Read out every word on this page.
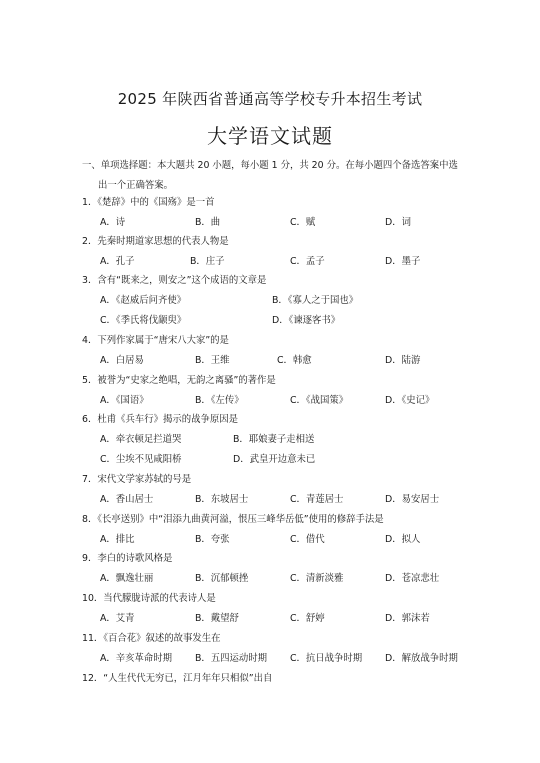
2025 年陕西省普通高等学校专升本招生考试
大学语文试题
一、单项选择题：本大题共 20 小题，每小题 1 分，共 20 分。在每小题四个备选答案中选
出一个正确答案。
1．《楚辞》中的《国殇》是一首
A．诗	B．曲	C．赋	D．词
2．先秦时期道家思想的代表人物是
A．孔子	B．庄子	C．孟子	D．墨子
3．含有“既来之，则安之”这个成语的文章是
A．《赵威后问齐使》	B．《寡人之于国也》
C．《季氏将伐颛臾》	D．《谏逐客书》
4．下列作家属于“唐宋八大家”的是
A．白居易	B．王维	C．韩愈	D．陆游
5．被誉为“史家之绝唱，无韵之离骚”的著作是
A．《国语》	B．《左传》	C．《战国策》	D．《史记》
6．杜甫《兵车行》揭示的战争原因是
A．牵衣顿足拦道哭	B．耶娘妻子走相送
C．尘埃不见咸阳桥	D．武皇开边意未已
7．宋代文学家苏轼的号是
A．香山居士	B．东坡居士	C．青莲居士	D．易安居士
8．《长亭送别》中“泪添九曲黄河溢，恨压三峰华岳低”使用的修辞手法是
A．排比	B．夸张	C．借代	D．拟人
9．李白的诗歌风格是
A．飘逸壮丽	B．沉郁顿挫	C．清新淡雅	D．苍凉悲壮
10．当代朦胧诗派的代表诗人是
A．艾青	B．戴望舒	C．舒婷	D．郭沫若
11．《百合花》叙述的故事发生在
A．辛亥革命时期 B．五四运动时期 C．抗日战争时期 D．解放战争时期
12．“人生代代无穷已，江月年年只相似”出自
